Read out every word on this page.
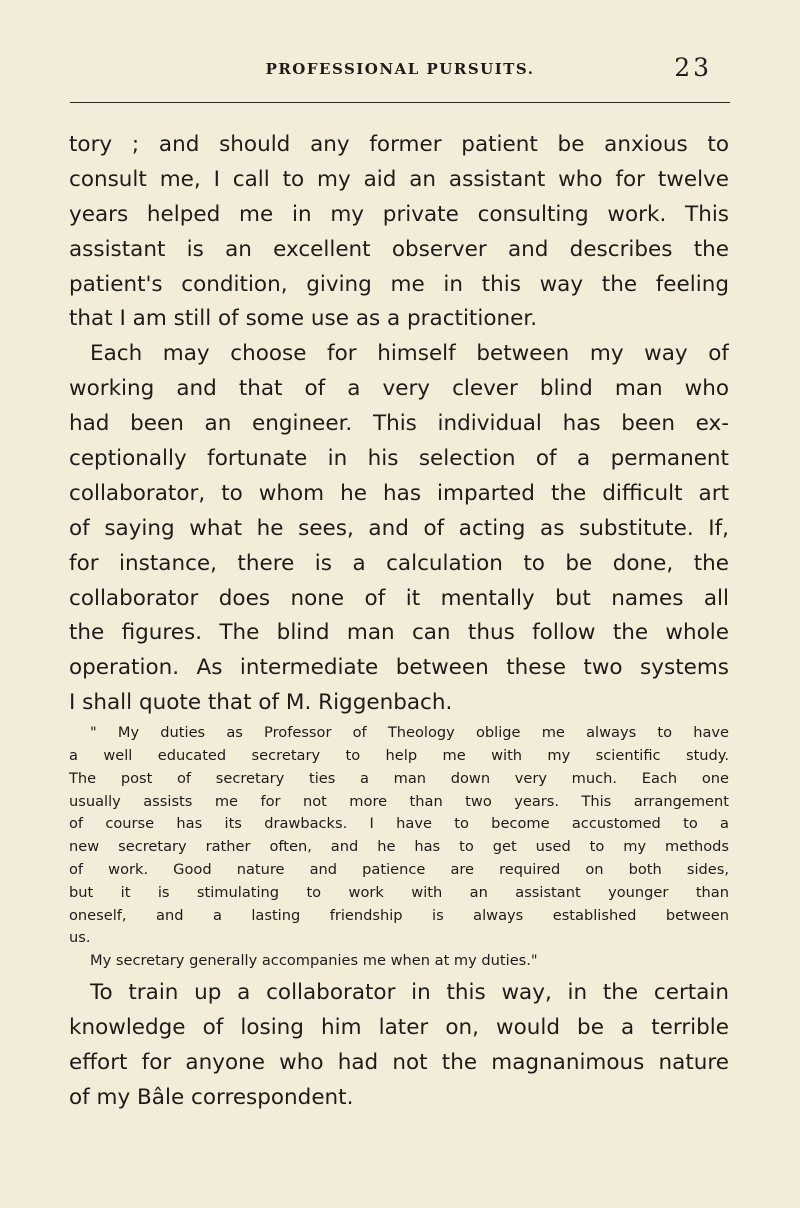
PROFESSIONAL PURSUITS.	23
tory ; and should any former patient be anxious to
consult me, I call to my aid an assistant who for twelve
years helped me in my private consulting work. This
assistant is an excellent observer and describes the
patient's condition, giving me in this way the feeling
that I am still of some use as a practitioner.
Each may choose for himself between my way of
working and that of a very clever blind man who
had been an engineer. This individual has been ex-
ceptionally fortunate in his selection of a permanent
collaborator, to whom he has imparted the difficult art
of saying what he sees, and of acting as substitute. If,
for instance, there is a calculation to be done, the
collaborator does none of it mentally but names all
the figures. The blind man can thus follow the whole
operation. As intermediate between these two systems
I shall quote that of M. Riggenbach.
" My duties as Professor of Theology oblige me always to have
a well educated secretary to help me with my scientific study.
The post of secretary ties a man down very much. Each one
usually assists me for not more than two years. This arrangement
of course has its drawbacks. I have to become accustomed to a
new secretary rather often, and he has to get used to my methods
of work. Good nature and patience are required on both sides,
but it is stimulating to work with an assistant younger than
oneself, and a lasting friendship is always established between
us.
My secretary generally accompanies me when at my duties."
To train up a collaborator in this way, in the certain
knowledge of losing him later on, would be a terrible
effort for anyone who had not the magnanimous nature
of my Bâle correspondent.
